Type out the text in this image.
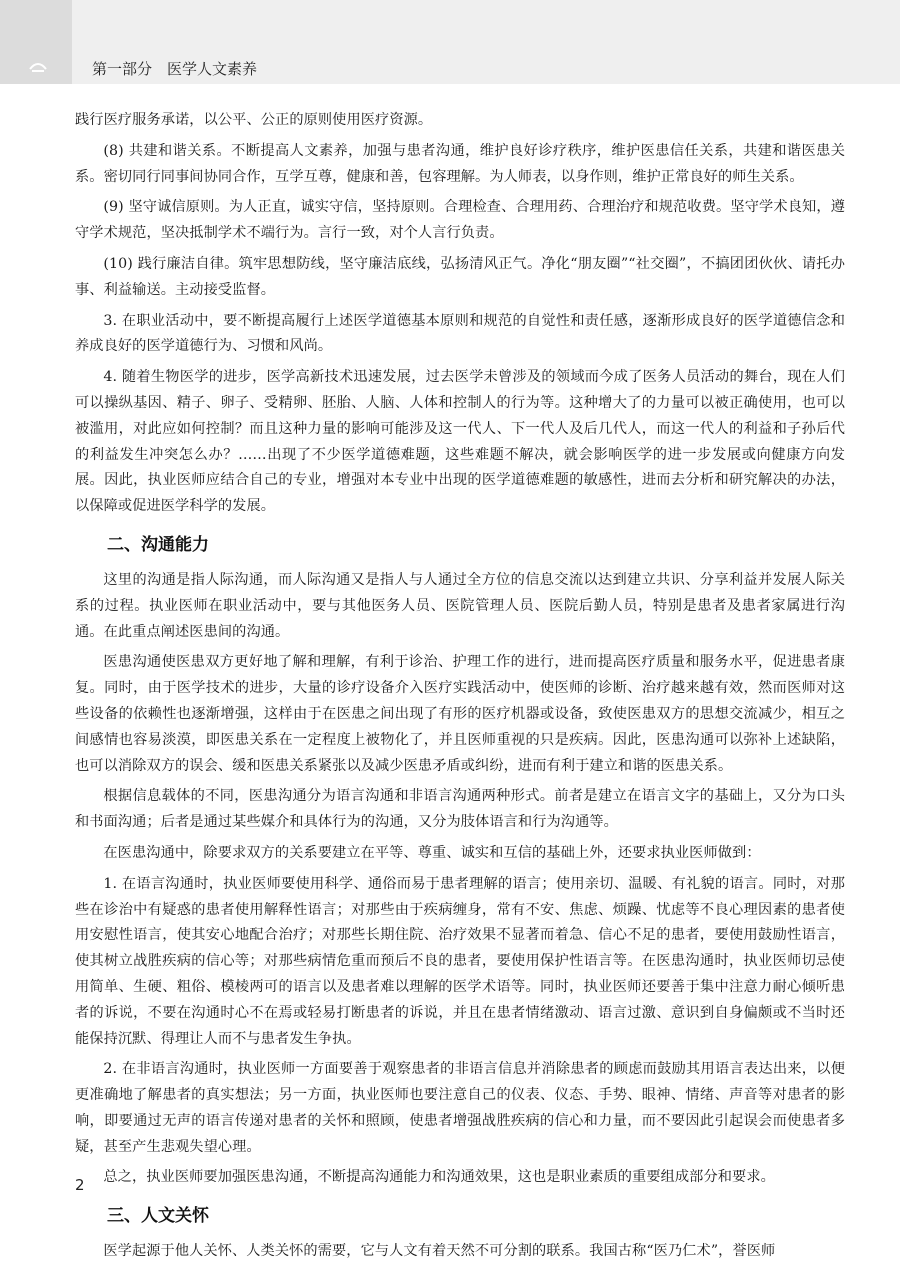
第一部分　医学人文素养

践行医疗服务承诺，以公平、公正的原则使用医疗资源。

(8) 共建和谐关系。不断提高人文素养，加强与患者沟通，维护良好诊疗秩序，维护医患信任关系，共建和谐医患关系。密切同行同事间协同合作，互学互尊，健康和善，包容理解。为人师表，以身作则，维护正常良好的师生关系。

(9) 坚守诚信原则。为人正直，诚实守信，坚持原则。合理检查、合理用药、合理治疗和规范收费。坚守学术良知，遵守学术规范，坚决抵制学术不端行为。言行一致，对个人言行负责。

(10) 践行廉洁自律。筑牢思想防线，坚守廉洁底线，弘扬清风正气。净化“朋友圈”“社交圈”，不搞团团伙伙、请托办事、利益输送。主动接受监督。

3. 在职业活动中，要不断提高履行上述医学道德基本原则和规范的自觉性和责任感，逐渐形成良好的医学道德信念和养成良好的医学道德行为、习惯和风尚。

4. 随着生物医学的进步，医学高新技术迅速发展，过去医学未曾涉及的领域而今成了医务人员活动的舞台，现在人们可以操纵基因、精子、卵子、受精卵、胚胎、人脑、人体和控制人的行为等。这种增大了的力量可以被正确使用，也可以被滥用，对此应如何控制？而且这种力量的影响可能涉及这一代人、下一代人及后几代人，而这一代人的利益和子孙后代的利益发生冲突怎么办？……出现了不少医学道德难题，这些难题不解决，就会影响医学的进一步发展或向健康方向发展。因此，执业医师应结合自己的专业，增强对本专业中出现的医学道德难题的敏感性，进而去分析和研究解决的办法，以保障或促进医学科学的发展。

二、沟通能力

这里的沟通是指人际沟通，而人际沟通又是指人与人通过全方位的信息交流以达到建立共识、分享利益并发展人际关系的过程。执业医师在职业活动中，要与其他医务人员、医院管理人员、医院后勤人员，特别是患者及患者家属进行沟通。在此重点阐述医患间的沟通。

医患沟通使医患双方更好地了解和理解，有利于诊治、护理工作的进行，进而提高医疗质量和服务水平，促进患者康复。同时，由于医学技术的进步，大量的诊疗设备介入医疗实践活动中，使医师的诊断、治疗越来越有效，然而医师对这些设备的依赖性也逐渐增强，这样由于在医患之间出现了有形的医疗机器或设备，致使医患双方的思想交流减少，相互之间感情也容易淡漠，即医患关系在一定程度上被物化了，并且医师重视的只是疾病。因此，医患沟通可以弥补上述缺陷，也可以消除双方的误会、缓和医患关系紧张以及减少医患矛盾或纠纷，进而有利于建立和谐的医患关系。

根据信息载体的不同，医患沟通分为语言沟通和非语言沟通两种形式。前者是建立在语言文字的基础上，又分为口头和书面沟通；后者是通过某些媒介和具体行为的沟通，又分为肢体语言和行为沟通等。

在医患沟通中，除要求双方的关系要建立在平等、尊重、诚实和互信的基础上外，还要求执业医师做到：

1. 在语言沟通时，执业医师要使用科学、通俗而易于患者理解的语言；使用亲切、温暖、有礼貌的语言。同时，对那些在诊治中有疑惑的患者使用解释性语言；对那些由于疾病缠身，常有不安、焦虑、烦躁、忧虑等不良心理因素的患者使用安慰性语言，使其安心地配合治疗；对那些长期住院、治疗效果不显著而着急、信心不足的患者，要使用鼓励性语言，使其树立战胜疾病的信心等；对那些病情危重而预后不良的患者，要使用保护性语言等。在医患沟通时，执业医师切忌使用简单、生硬、粗俗、模棱两可的语言以及患者难以理解的医学术语等。同时，执业医师还要善于集中注意力耐心倾听患者的诉说，不要在沟通时心不在焉或轻易打断患者的诉说，并且在患者情绪激动、语言过激、意识到自身偏颇或不当时还能保持沉默、得理让人而不与患者发生争执。

2. 在非语言沟通时，执业医师一方面要善于观察患者的非语言信息并消除患者的顾虑而鼓励其用语言表达出来，以便更准确地了解患者的真实想法；另一方面，执业医师也要注意自己的仪表、仪态、手势、眼神、情绪、声音等对患者的影响，即要通过无声的语言传递对患者的关怀和照顾，使患者增强战胜疾病的信心和力量，而不要因此引起误会而使患者多疑，甚至产生悲观失望心理。

总之，执业医师要加强医患沟通，不断提高沟通能力和沟通效果，这也是职业素质的重要组成部分和要求。

三、人文关怀

医学起源于他人关怀、人类关怀的需要，它与人文有着天然不可分割的联系。我国古称“医乃仁术”，誉医师

2
